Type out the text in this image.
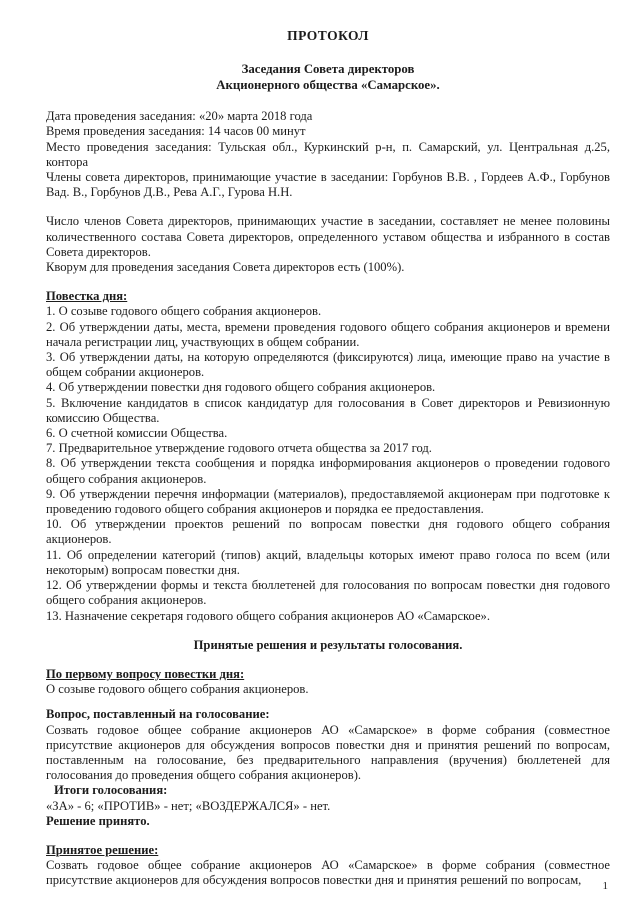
ПРОТОКОЛ

Заседания Совета директоров
Акционерного общества «Самарское».

Дата проведения заседания: «20» марта 2018 года

Время проведения заседания: 14 часов 00 минут

Место проведения заседания: Тульская обл., Куркинский р-н, п. Самарский, ул. Центральная д.25, контора

Члены совета директоров, принимающие участие в заседании: Горбунов В.В. , Гордеев А.Ф., Горбунов Вад. В., Горбунов Д.В., Рева А.Г., Гурова Н.Н.

Число членов Совета директоров, принимающих участие в заседании, составляет не менее половины количественного состава Совета директоров, определенного уставом общества и избранного в состав Совета директоров.

Кворум для проведения заседания Совета директоров есть (100%).

Повестка дня:

1. О созыве годового общего собрания акционеров.

2. Об утверждении даты, места, времени проведения годового общего собрания акционеров и времени начала регистрации лиц, участвующих в общем собрании.

3. Об утверждении даты, на которую определяются (фиксируются) лица, имеющие право на участие в общем собрании акционеров.

4. Об утверждении повестки дня годового общего собрания акционеров.

5. Включение кандидатов в список кандидатур для голосования в Совет директоров и Ревизионную комиссию Общества.

6. О счетной комиссии Общества.

7. Предварительное утверждение годового отчета общества за 2017 год.

8. Об утверждении текста сообщения и порядка информирования акционеров о проведении годового общего собрания акционеров.

9. Об утверждении перечня информации (материалов), предоставляемой акционерам при подготовке к проведению годового общего собрания акционеров и порядка ее предоставления.

10. Об утверждении проектов решений по вопросам повестки дня годового общего собрания акционеров.

11. Об определении категорий (типов) акций, владельцы которых имеют право голоса по всем (или некоторым) вопросам повестки дня.

12. Об утверждении формы и текста бюллетеней для голосования по вопросам повестки дня годового общего собрания акционеров.

13. Назначение секретаря годового общего собрания акционеров АО «Самарское».

Принятые решения и результаты голосования.

По первому вопросу повестки дня:

О созыве годового общего собрания акционеров.

Вопрос, поставленный на голосование:

Созвать годовое общее собрание акционеров АО «Самарское» в форме собрания (совместное присутствие акционеров для обсуждения вопросов повестки дня и принятия решений по вопросам, поставленным на голосование, без предварительного направления (вручения) бюллетеней для голосования до проведения общего собрания акционеров).

Итоги голосования:

«ЗА» - 6; «ПРОТИВ» - нет; «ВОЗДЕРЖАЛСЯ» - нет.

Решение принято.

Принятое решение:

Созвать годовое общее собрание акционеров АО «Самарское» в форме собрания (совместное присутствие акционеров для обсуждения вопросов повестки дня и принятия решений по вопросам,	1
